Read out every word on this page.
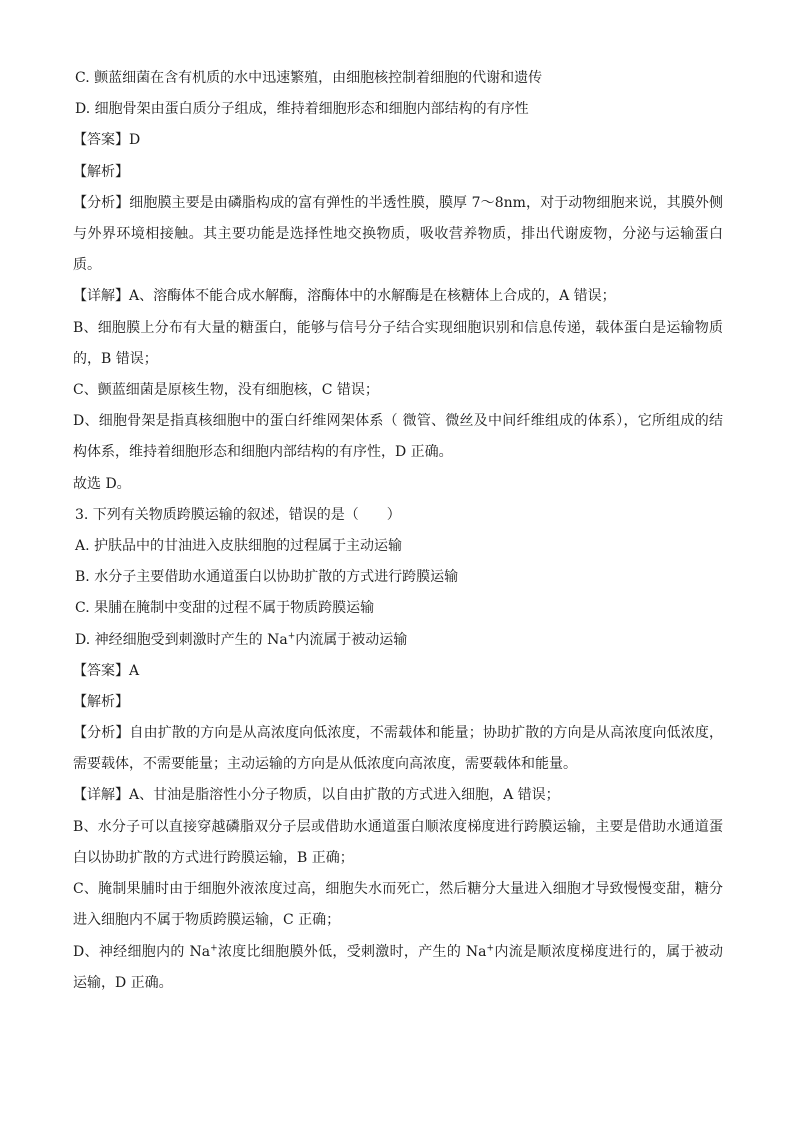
C. 颤蓝细菌在含有机质的水中迅速繁殖，由细胞核控制着细胞的代谢和遗传
D. 细胞骨架由蛋白质分子组成，维持着细胞形态和细胞内部结构的有序性
【答案】D
【解析】
【分析】细胞膜主要是由磷脂构成的富有弹性的半透性膜，膜厚 7～8nm，对于动物细胞来说，其膜外侧与外界环境相接触。其主要功能是选择性地交换物质，吸收营养物质，排出代谢废物，分泌与运输蛋白质。
【详解】A、溶酶体不能合成水解酶，溶酶体中的水解酶是在核糖体上合成的，A 错误；
B、细胞膜上分布有大量的糖蛋白，能够与信号分子结合实现细胞识别和信息传递，载体蛋白是运输物质的，B 错误；
C、颤蓝细菌是原核生物，没有细胞核，C 错误；
D、细胞骨架是指真核细胞中的蛋白纤维网架体系（ 微管、微丝及中间纤维组成的体系），它所组成的结构体系，维持着细胞形态和细胞内部结构的有序性，D 正确。
故选 D。
3. 下列有关物质跨膜运输的叙述，错误的是（　　）
A. 护肤品中的甘油进入皮肤细胞的过程属于主动运输
B. 水分子主要借助水通道蛋白以协助扩散的方式进行跨膜运输
C. 果脯在腌制中变甜的过程不属于物质跨膜运输
D. 神经细胞受到刺激时产生的 Na+内流属于被动运输
【答案】A
【解析】
【分析】自由扩散的方向是从高浓度向低浓度，不需载体和能量；协助扩散的方向是从高浓度向低浓度，需要载体，不需要能量；主动运输的方向是从低浓度向高浓度，需要载体和能量。
【详解】A、甘油是脂溶性小分子物质，以自由扩散的方式进入细胞，A 错误；
B、水分子可以直接穿越磷脂双分子层或借助水通道蛋白顺浓度梯度进行跨膜运输，主要是借助水通道蛋白以协助扩散的方式进行跨膜运输，B 正确；
C、腌制果脯时由于细胞外液浓度过高，细胞失水而死亡，然后糖分大量进入细胞才导致慢慢变甜，糖分进入细胞内不属于物质跨膜运输，C 正确；
D、神经细胞内的 Na+浓度比细胞膜外低，受刺激时，产生的 Na+内流是顺浓度梯度进行的，属于被动运输，D 正确。
